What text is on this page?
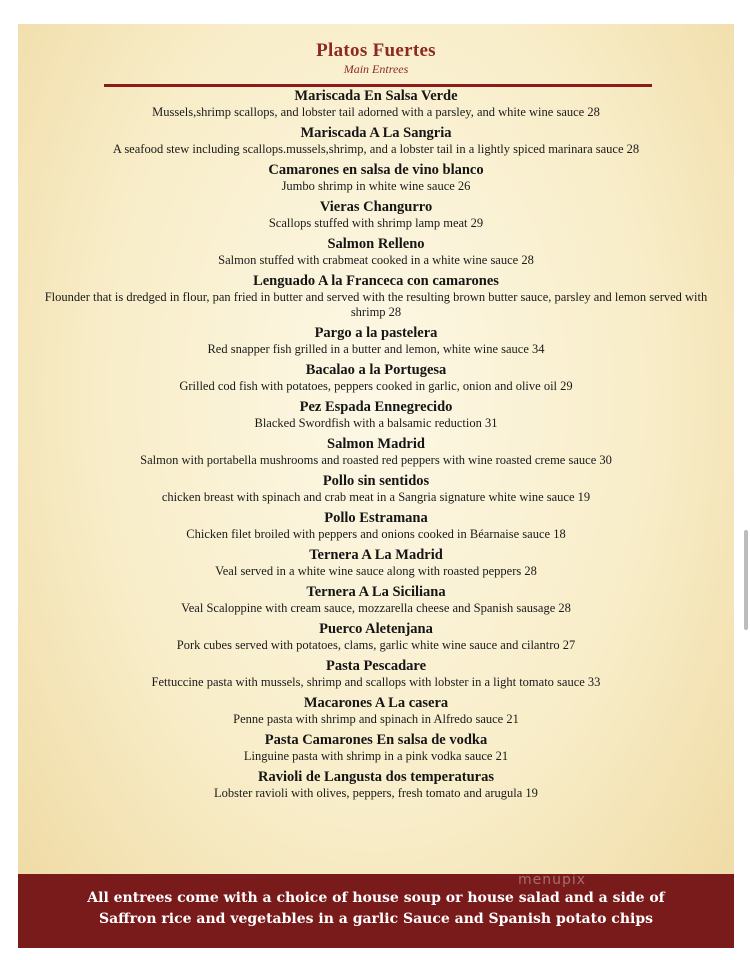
Platos Fuertes
Main Entrees
Mariscada En Salsa Verde
Mussels,shrimp scallops, and lobster tail adorned with a parsley, and white wine sauce 28
Mariscada A La Sangria
A seafood stew including scallops.mussels,shrimp, and a lobster tail in a lightly spiced marinara sauce 28
Camarones en salsa de vino blanco
Jumbo shrimp in white wine sauce 26
Vieras Changurro
Scallops stuffed with shrimp lamp meat 29
Salmon Relleno
Salmon stuffed with crabmeat cooked in a white wine sauce 28
Lenguado A la Franceca con camarones
Flounder that is dredged in flour, pan fried in butter and served with the resulting brown butter sauce, parsley and lemon served with shrimp 28
Pargo a la pastelera
Red snapper fish grilled in a butter and lemon, white wine sauce 34
Bacalao a la Portugesa
Grilled cod fish with potatoes, peppers cooked in garlic, onion and olive oil 29
Pez Espada Ennegrecido
Blacked Swordfish with a balsamic reduction 31
Salmon Madrid
Salmon with portabella mushrooms and roasted red peppers with wine roasted creme sauce 30
Pollo sin sentidos
chicken breast with spinach and crab meat in a Sangria signature white wine sauce 19
Pollo Estramana
Chicken filet broiled with peppers and onions cooked in Béarnaise sauce 18
Ternera A La Madrid
Veal served in a white wine sauce along with roasted peppers 28
Ternera A La Siciliana
Veal Scaloppine with cream sauce, mozzarella cheese and Spanish sausage 28
Puerco Aletenjana
Pork cubes served with potatoes, clams, garlic white wine sauce and cilantro 27
Pasta Pescadare
Fettuccine pasta with mussels, shrimp and scallops with lobster in a light tomato sauce 33
Macarones A La casera
Penne pasta with shrimp and spinach in Alfredo sauce 21
Pasta Camarones En salsa de vodka
Linguine pasta with shrimp in a pink vodka sauce 21
Ravioli de Langusta dos temperaturas
Lobster ravioli with olives, peppers, fresh tomato and arugula 19
All entrees come with a choice of house soup or house salad and a side of Saffron rice and vegetables in a garlic Sauce and Spanish potato chips
menupix
